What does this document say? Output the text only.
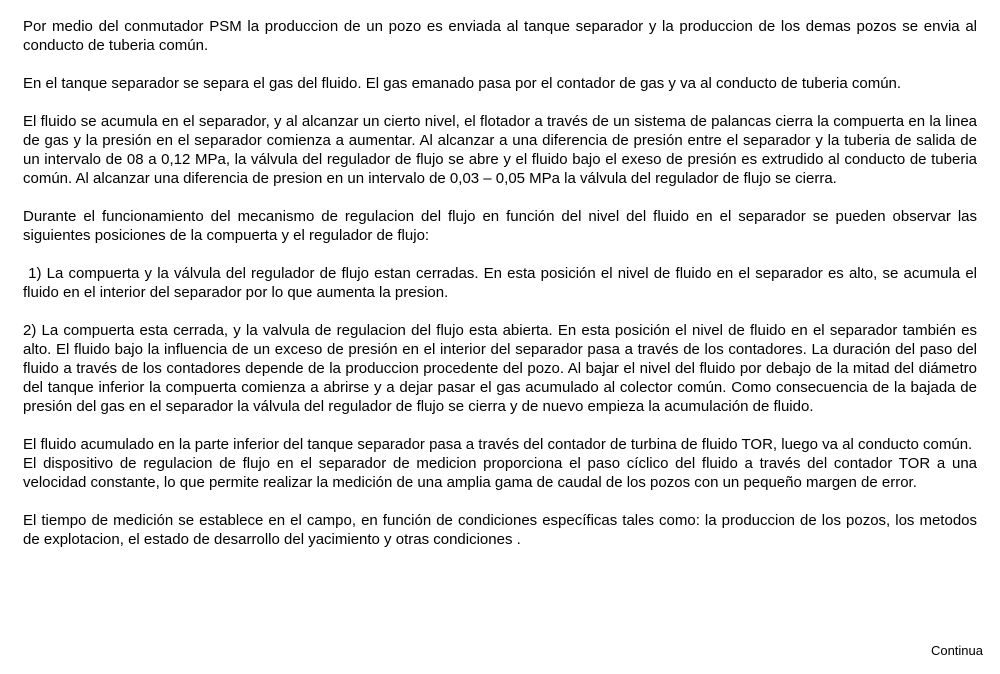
Por medio del conmutador PSM la produccion de un pozo es enviada al tanque separador y la produccion de los demas pozos se envia al conducto de tuberia común.

En el tanque separador se separa el gas del fluido. El gas emanado pasa por el contador de gas y va al conducto de tuberia común.

El fluido se acumula en el separador, y al alcanzar un cierto nivel, el flotador a través de un sistema de palancas cierra la compuerta en la linea de gas y la presión en el separador comienza a aumentar. Al alcanzar a una diferencia de presión entre el separador y la tuberia de salida de un intervalo de 08 a 0,12 MPa, la válvula del regulador de flujo se abre y el fluido bajo el exeso de presión es extrudido al conducto de tuberia común. Al alcanzar una diferencia de presion en un intervalo de 0,03 – 0,05 MPa la válvula del regulador de flujo se cierra.

Durante el funcionamiento del mecanismo de regulacion del flujo en función del nivel del fluido en el separador se pueden observar las siguientes posiciones de la compuerta y el regulador de flujo:

1) La compuerta y la válvula del regulador de flujo estan cerradas. En esta posición el nivel de fluido en el separador es alto, se acumula el fluido en el interior del separador por lo que aumenta la presion.

2) La compuerta esta cerrada, y la valvula de regulacion del flujo esta abierta. En esta posición el nivel de fluido en el separador también es alto. El fluido bajo la influencia de un exceso de presión en el interior del separador pasa a través de los contadores. La duración del paso del fluido a través de los contadores depende de la produccion procedente del pozo. Al bajar el nivel del fluido por debajo de la mitad del diámetro del tanque inferior la compuerta comienza a abrirse y a dejar pasar el gas acumulado al colector común. Como consecuencia de la bajada de presión del gas en el separador la válvula del regulador de flujo se cierra y de nuevo empieza la acumulación de fluido.

El fluido acumulado en la parte inferior del tanque separador pasa a través del contador de turbina de fluido TOR, luego va al conducto común.

El dispositivo de regulacion de flujo en el separador de medicion proporciona el paso cíclico del fluido a través del contador TOR a una velocidad constante, lo que permite realizar la medición de una amplia gama de caudal de los pozos con un pequeño margen de error.

El tiempo de medición se establece en el campo, en función de condiciones específicas tales como: la produccion de los pozos, los metodos de explotacion, el estado de desarrollo del yacimiento y otras condiciones .

Continua
